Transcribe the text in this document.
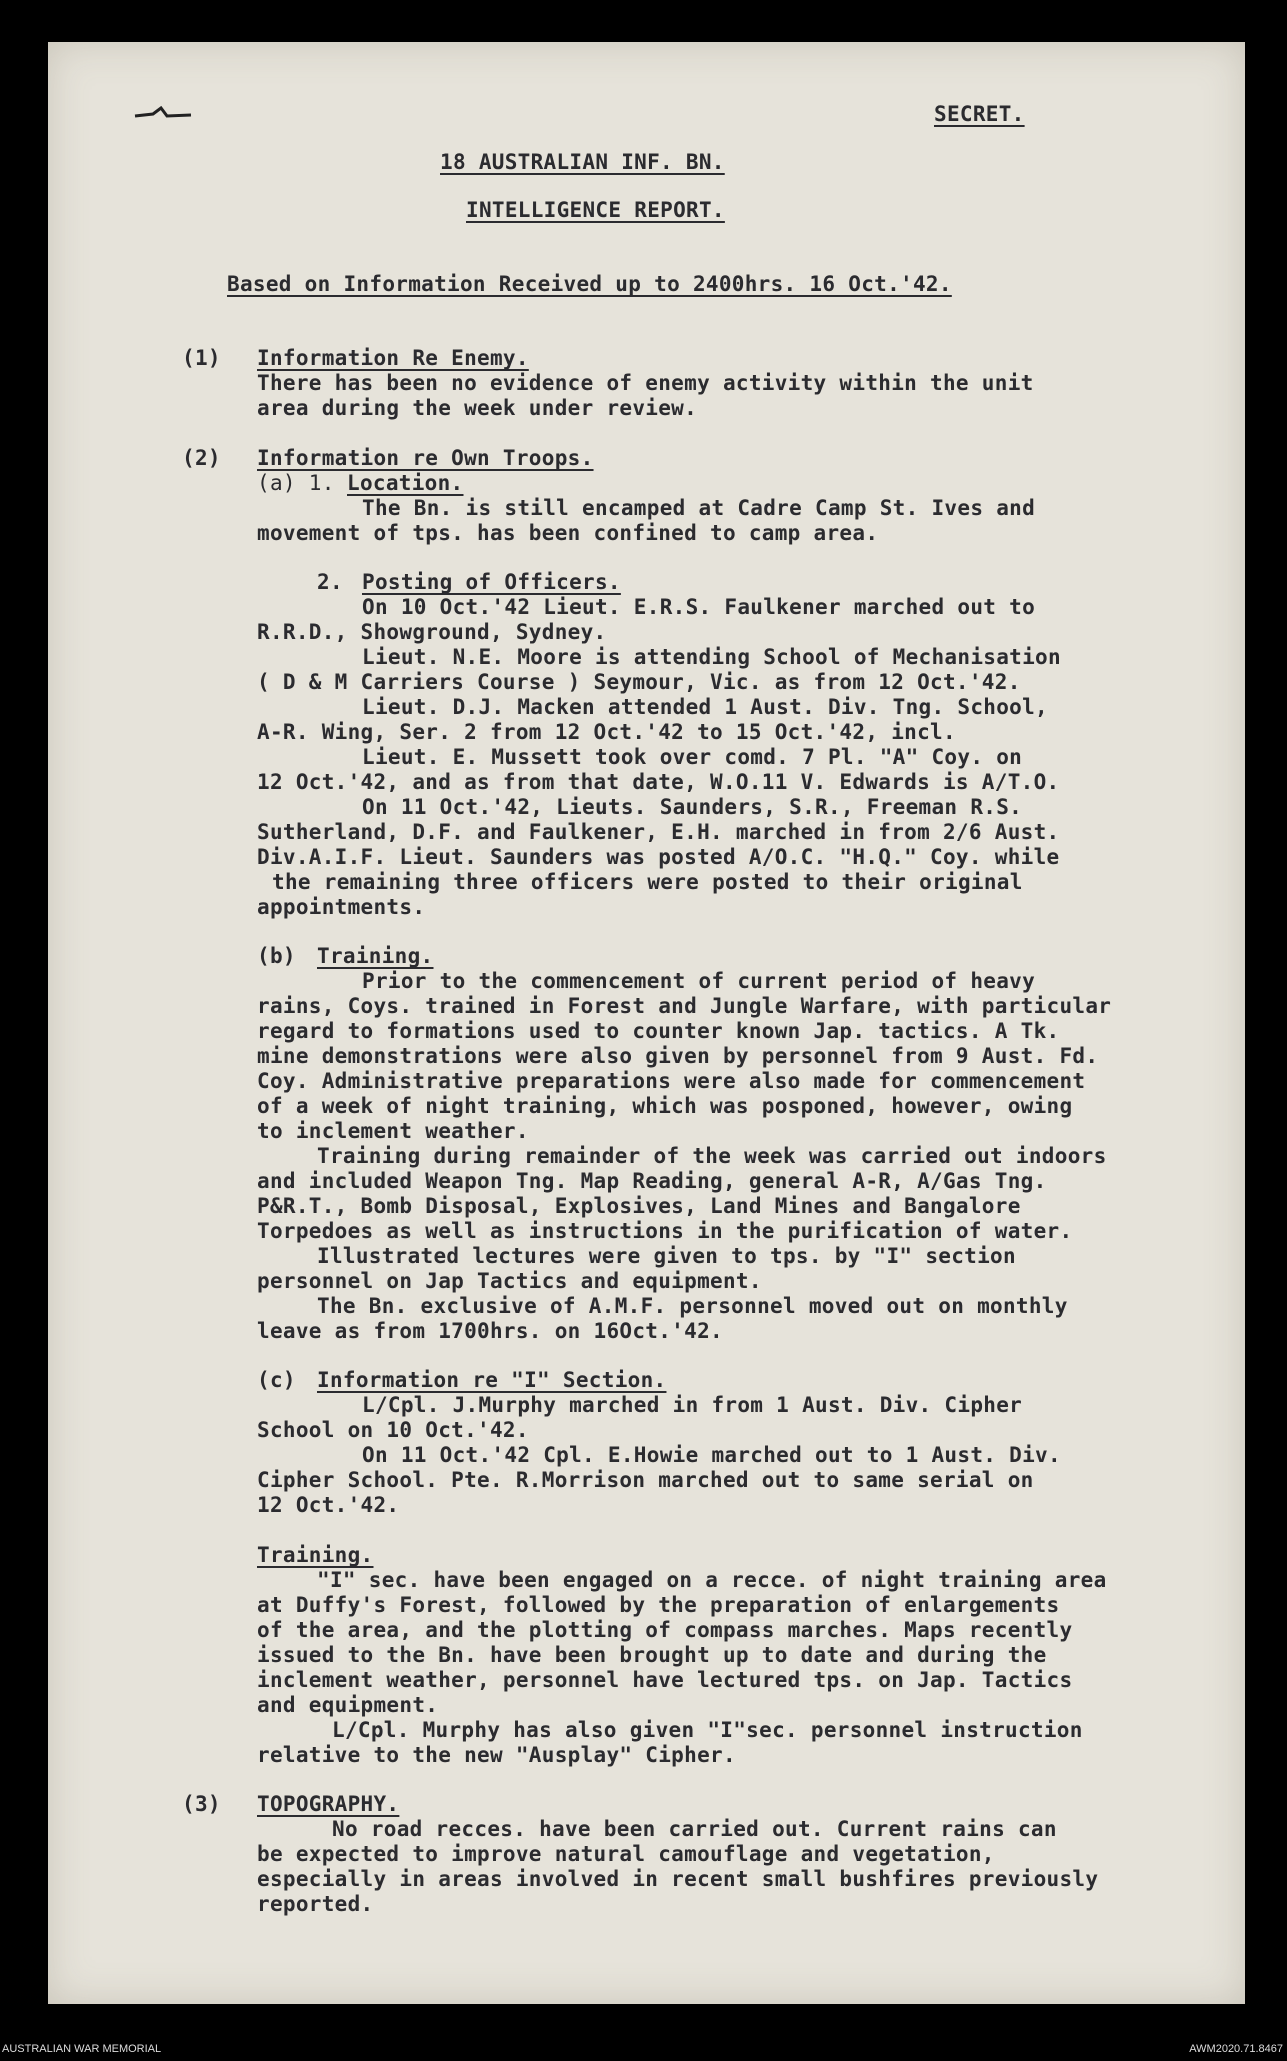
SECRET.
18 AUSTRALIAN INF. BN.
INTELLIGENCE REPORT.
Based on Information Received up to 2400hrs. 16 Oct.'42.
(1) Information Re Enemy.
There has been no evidence of enemy activity within the unit
area during the week under review.
(2) Information re Own Troops.
(a) 1. Location.
The Bn. is still encamped at Cadre Camp St. Ives and
movement of tps. has been confined to camp area.
2. Posting of Officers.
On 10 Oct.'42 Lieut. E.R.S. Faulkener marched out to
R.R.D., Showground, Sydney.
Lieut. N.E. Moore is attending School of Mechanisation
( D & M Carriers Course ) Seymour, Vic. as from 12 Oct.'42.
Lieut. D.J. Macken attended 1 Aust. Div. Tng. School,
A-R. Wing, Ser. 2 from 12 Oct.'42 to 15 Oct.'42, incl.
Lieut. E. Mussett took over comd. 7 Pl. "A" Coy. on
12 Oct.'42, and as from that date, W.O.11 V. Edwards is A/T.O.
On 11 Oct.'42, Lieuts. Saunders, S.R., Freeman R.S.
Sutherland, D.F. and Faulkener, E.H. marched in from 2/6 Aust.
Div.A.I.F. Lieut. Saunders was posted A/O.C. "H.Q." Coy. while
the remaining three officers were posted to their original
appointments.
(b) Training.
Prior to the commencement of current period of heavy
rains, Coys. trained in Forest and Jungle Warfare, with particular
regard to formations used to counter known Jap. tactics. A Tk.
mine demonstrations were also given by personnel from 9 Aust. Fd.
Coy. Administrative preparations were also made for commencement
of a week of night training, which was posponed, however, owing
to inclement weather.
Training during remainder of the week was carried out indoors
and included Weapon Tng. Map Reading, general A-R, A/Gas Tng.
P&R.T., Bomb Disposal, Explosives, Land Mines and Bangalore
Torpedoes as well as instructions in the purification of water.
Illustrated lectures were given to tps. by "I" section
personnel on Jap Tactics and equipment.
The Bn. exclusive of A.M.F. personnel moved out on monthly
leave as from 1700hrs. on 16Oct.'42.
(c) Information re "I" Section.
L/Cpl. J.Murphy marched in from 1 Aust. Div. Cipher
School on 10 Oct.'42.
On 11 Oct.'42 Cpl. E.Howie marched out to 1 Aust. Div.
Cipher School. Pte. R.Morrison marched out to same serial on
12 Oct.'42.
Training.
"I" sec. have been engaged on a recce. of night training area
at Duffy's Forest, followed by the preparation of enlargements
of the area, and the plotting of compass marches. Maps recently
issued to the Bn. have been brought up to date and during the
inclement weather, personnel have lectured tps. on Jap. Tactics
and equipment.
L/Cpl. Murphy has also given "I"sec. personnel instruction
relative to the new "Ausplay" Cipher.
(3) TOPOGRAPHY.
No road recces. have been carried out. Current rains can
be expected to improve natural camouflage and vegetation,
especially in areas involved in recent small bushfires previously
reported.
AUSTRALIAN WAR MEMORIAL	AWM2020.71.8467
